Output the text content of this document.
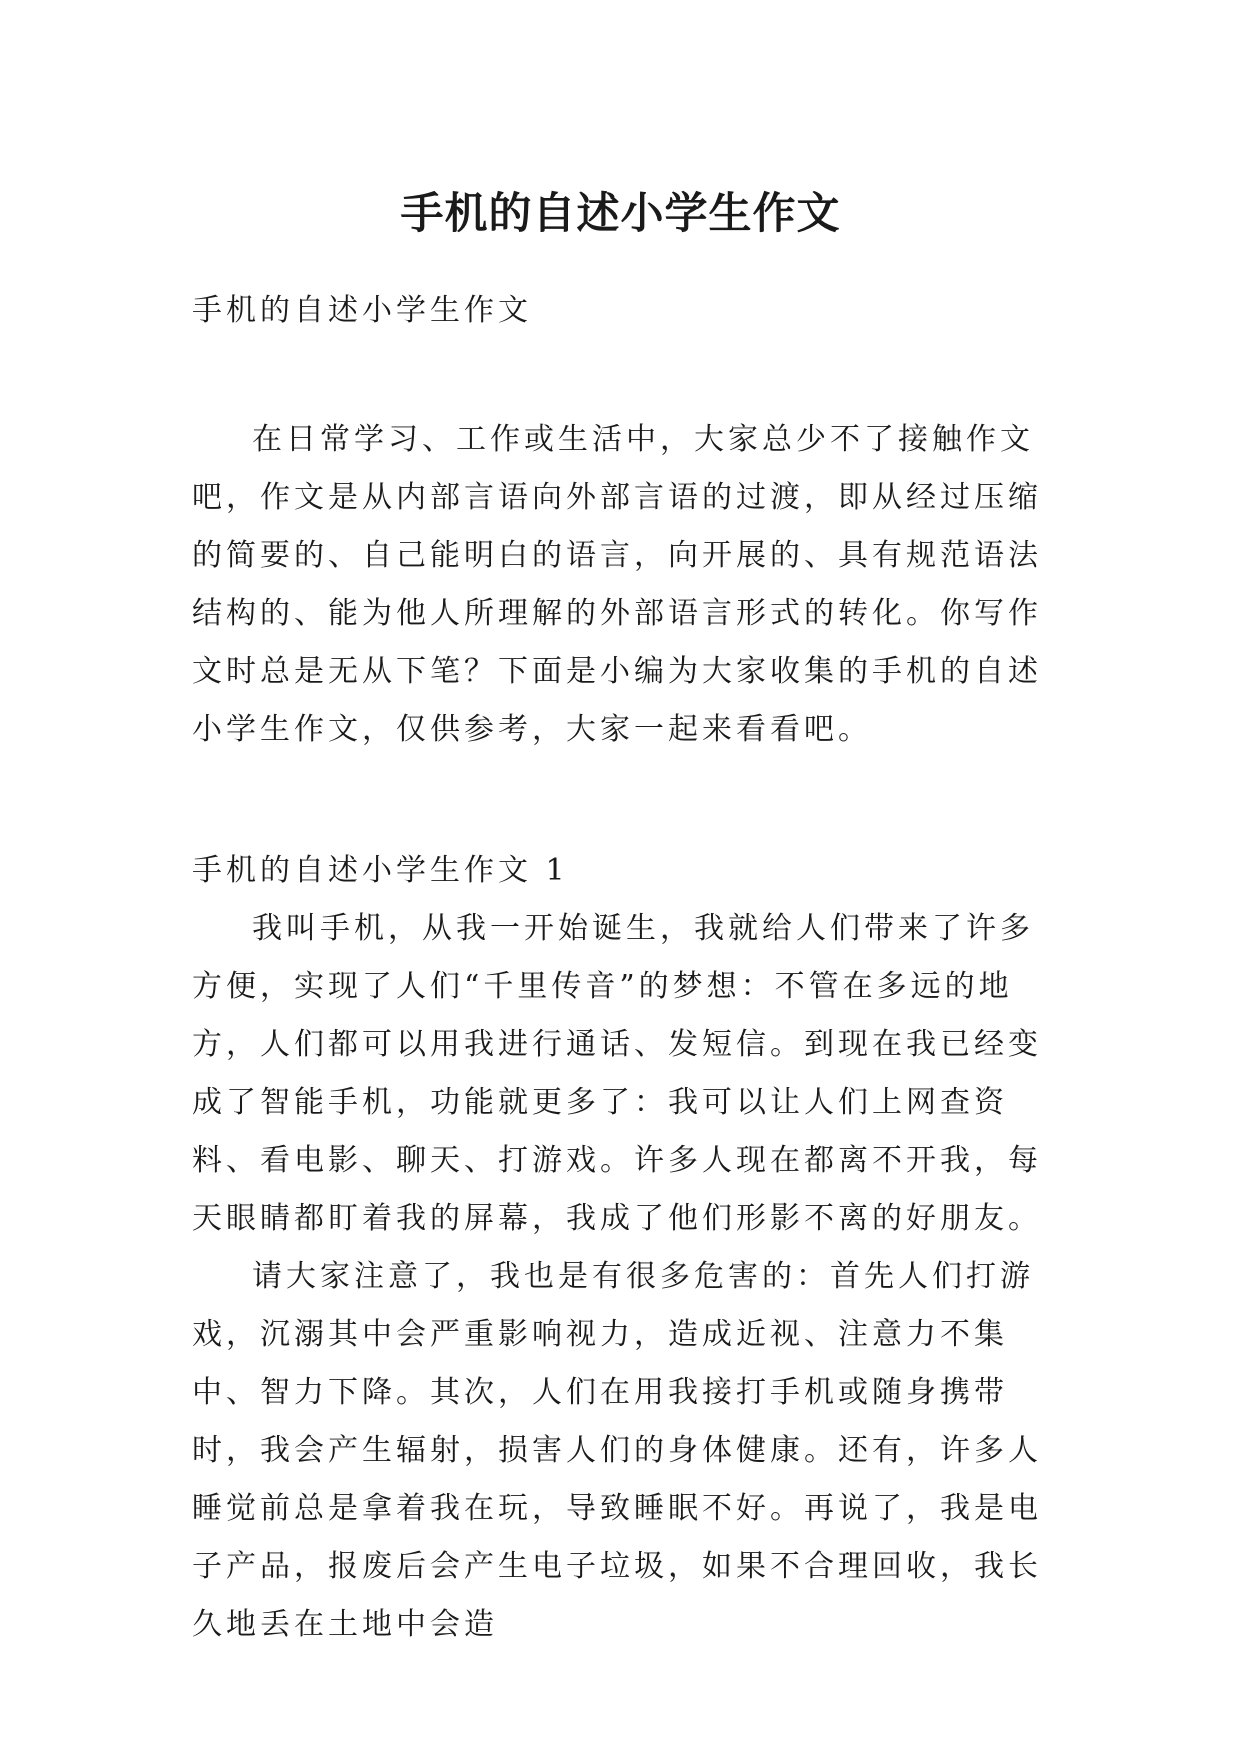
手机的自述小学生作文

手机的自述小学生作文

在日常学习、工作或生活中，大家总少不了接触作文吧，作文是从内部言语向外部言语的过渡，即从经过压缩的简要的、自己能明白的语言，向开展的、具有规范语法结构的、能为他人所理解的外部语言形式的转化。你写作文时总是无从下笔？下面是小编为大家收集的手机的自述小学生作文，仅供参考，大家一起来看看吧。

手机的自述小学生作文 1

我叫手机，从我一开始诞生，我就给人们带来了许多方便，实现了人们“千里传音”的梦想：不管在多远的地方，人们都可以用我进行通话、发短信。到现在我已经变成了智能手机，功能就更多了：我可以让人们上网查资料、看电影、聊天、打游戏。许多人现在都离不开我，每天眼睛都盯着我的屏幕，我成了他们形影不离的好朋友。

请大家注意了，我也是有很多危害的：首先人们打游戏，沉溺其中会严重影响视力，造成近视、注意力不集中、智力下降。其次，人们在用我接打手机或随身携带时，我会产生辐射，损害人们的身体健康。还有，许多人睡觉前总是拿着我在玩，导致睡眠不好。再说了，我是电子产品，报废后会产生电子垃圾，如果不合理回收，我长久地丢在土地中会造
